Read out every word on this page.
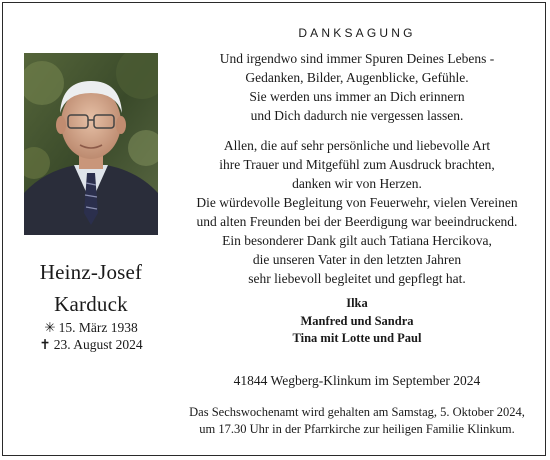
Heinz-Josef
Karduck
✳ 15. März 1938
✝ 23. August 2024
DANKSAGUNG
Und irgendwo sind immer Spuren Deines Lebens -
Gedanken, Bilder, Augenblicke, Gefühle.
Sie werden uns immer an Dich erinnern
und Dich dadurch nie vergessen lassen.
Allen, die auf sehr persönliche und liebevolle Art
ihre Trauer und Mitgefühl zum Ausdruck brachten,
danken wir von Herzen.
Die würdevolle Begleitung von Feuerwehr, vielen Vereinen
und alten Freunden bei der Beerdigung war beeindruckend.
Ein besonderer Dank gilt auch Tatiana Hercikova,
die unseren Vater in den letzten Jahren
sehr liebevoll begleitet und gepflegt hat.
Ilka
Manfred und Sandra
Tina mit Lotte und Paul
41844 Wegberg-Klinkum im September 2024
Das Sechswochenamt wird gehalten am Samstag, 5. Oktober 2024,
um 17.30 Uhr in der Pfarrkirche zur heiligen Familie Klinkum.
